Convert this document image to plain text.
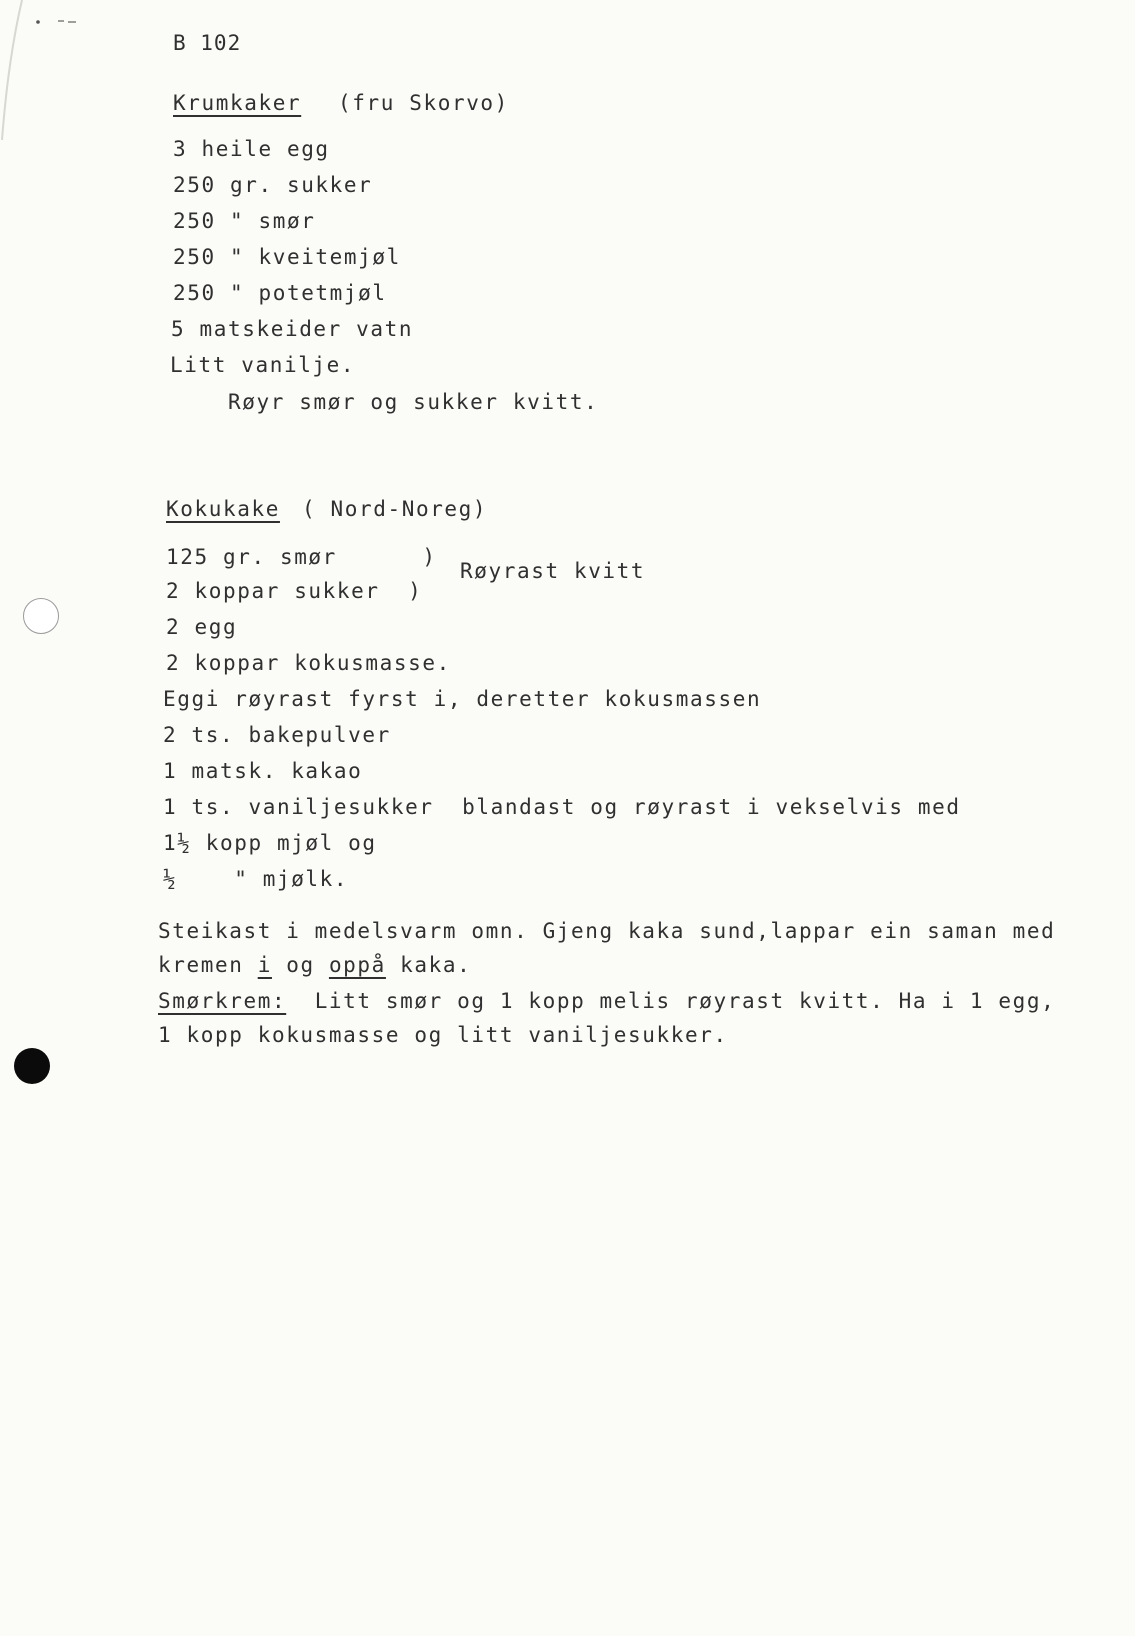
B 102
Krumkaker (fru Skorvo)
3 heile egg
250 gr. sukker
250 " smør
250 " kveitemjøl
250 " potetmjøl
5 matskeider vatn
Litt vanilje.
Røyr smør og sukker kvitt.
Kokukake ( Nord-Noreg)
125 gr. smør      )
2 koppar sukker  )
Røyrast kvitt
2 egg
2 koppar kokusmasse.
Eggi røyrast fyrst i, deretter kokusmassen
2 ts. bakepulver
1 matsk. kakao
1 ts. vaniljesukker  blandast og røyrast i vekselvis med
1½ kopp mjøl og
½    " mjølk.
Steikast i medelsvarm omn. Gjeng kaka sund,lappar ein saman med
kremen i og oppå kaka.
Smørkrem:  Litt smør og 1 kopp melis røyrast kvitt. Ha i 1 egg,
1 kopp kokusmasse og litt vaniljesukker.
